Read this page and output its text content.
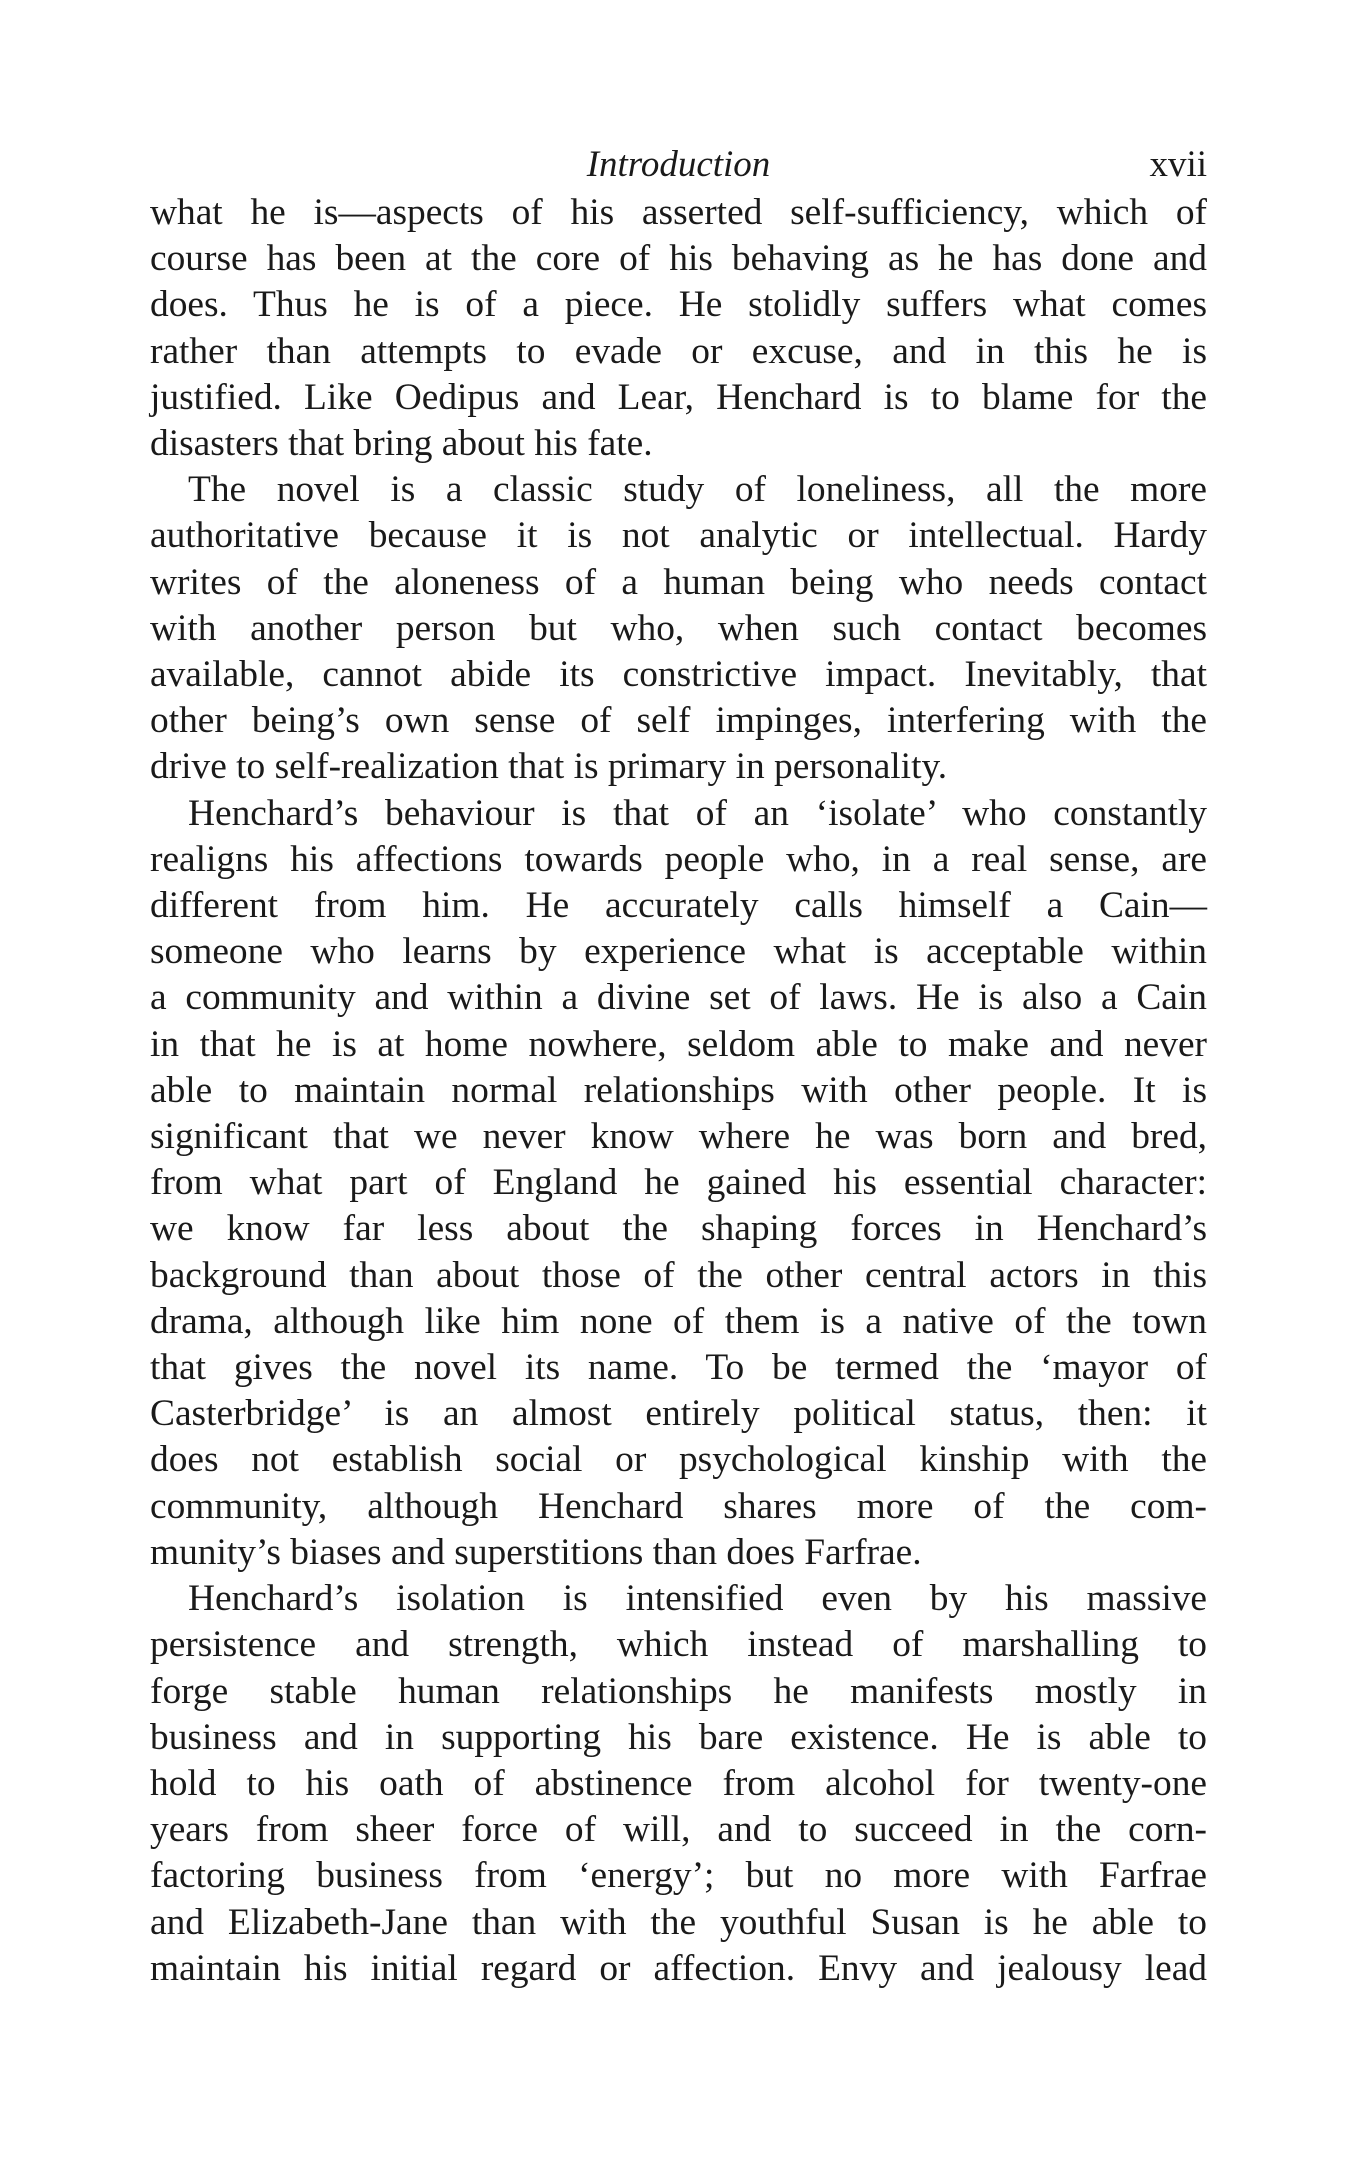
Introduction	xvii
what he is—aspects of his asserted self-sufficiency, which of
course has been at the core of his behaving as he has done and
does. Thus he is of a piece. He stolidly suffers what comes
rather than attempts to evade or excuse, and in this he is
justified. Like Oedipus and Lear, Henchard is to blame for the
disasters that bring about his fate.
The novel is a classic study of loneliness, all the more
authoritative because it is not analytic or intellectual. Hardy
writes of the aloneness of a human being who needs contact
with another person but who, when such contact becomes
available, cannot abide its constrictive impact. Inevitably, that
other being’s own sense of self impinges, interfering with the
drive to self-realization that is primary in personality.
Henchard’s behaviour is that of an ‘isolate’ who constantly
realigns his affections towards people who, in a real sense, are
different from him. He accurately calls himself a Cain—
someone who learns by experience what is acceptable within
a community and within a divine set of laws. He is also a Cain
in that he is at home nowhere, seldom able to make and never
able to maintain normal relationships with other people. It is
significant that we never know where he was born and bred,
from what part of England he gained his essential character:
we know far less about the shaping forces in Henchard’s
background than about those of the other central actors in this
drama, although like him none of them is a native of the town
that gives the novel its name. To be termed the ‘mayor of
Casterbridge’ is an almost entirely political status, then: it
does not establish social or psychological kinship with the
community, although Henchard shares more of the com-
munity’s biases and superstitions than does Farfrae.
Henchard’s isolation is intensified even by his massive
persistence and strength, which instead of marshalling to
forge stable human relationships he manifests mostly in
business and in supporting his bare existence. He is able to
hold to his oath of abstinence from alcohol for twenty-one
years from sheer force of will, and to succeed in the corn-
factoring business from ‘energy’; but no more with Farfrae
and Elizabeth-Jane than with the youthful Susan is he able to
maintain his initial regard or affection. Envy and jealousy lead
